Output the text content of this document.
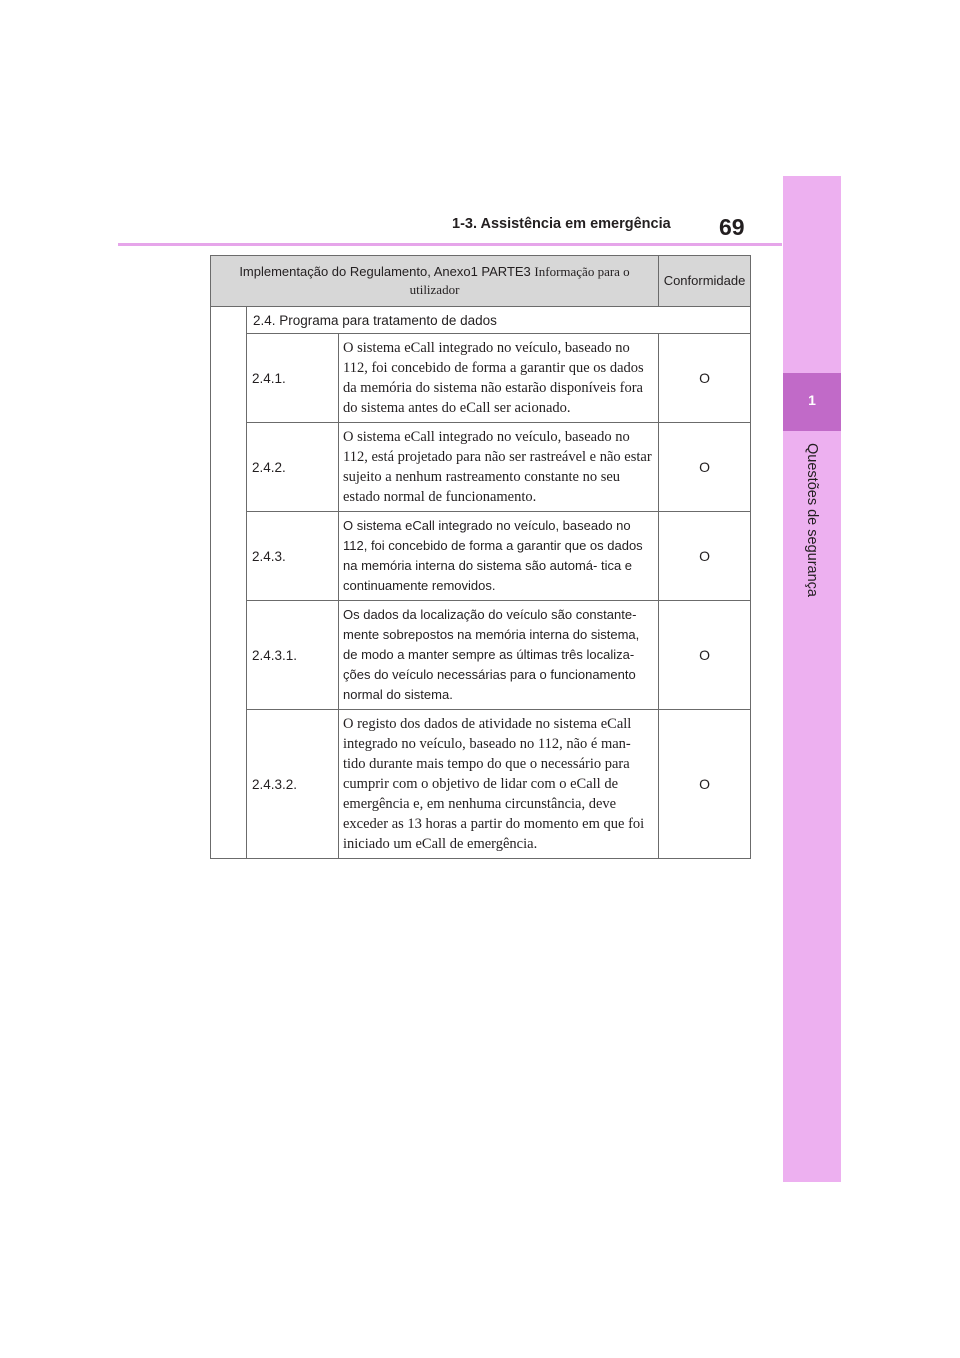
1-3. Assistência em emergência 69
1
Questões de segurança
Implementação do Regulamento, Anexo1 PARTE3 Informação para o utilizador			Conformidade
	2.4. Programa para tratamento de dados		
	2.4.1.	O sistema eCall integrado no veículo, baseado no 112, foi concebido de forma a garantir que os dados da memória do sistema não estarão disponíveis fora do sistema antes do eCall ser acionado.	O
	2.4.2.	O sistema eCall integrado no veículo, baseado no 112, está projetado para não ser rastreável e não estar sujeito a nenhum rastreamento constante no seu estado normal de funcionamento.	O
	2.4.3.	O sistema eCall integrado no veículo, baseado no 112, foi concebido de forma a garantir que os dados na memória interna do sistema são automá- tica e continuamente removidos.	O
	2.4.3.1.	Os dados da localização do veículo são constante- mente sobrepostos na memória interna do sistema, de modo a manter sempre as últimas três localiza- ções do veículo necessárias para o funcionamento normal do sistema.	O
	2.4.3.2.	O registo dos dados de atividade no sistema eCall integrado no veículo, baseado no 112, não é man- tido durante mais tempo do que o necessário para cumprir com o objetivo de lidar com o eCall de emergência e, em nenhuma circunstância, deve exceder as 13 horas a partir do momento em que foi iniciado um eCall de emergência.	O
